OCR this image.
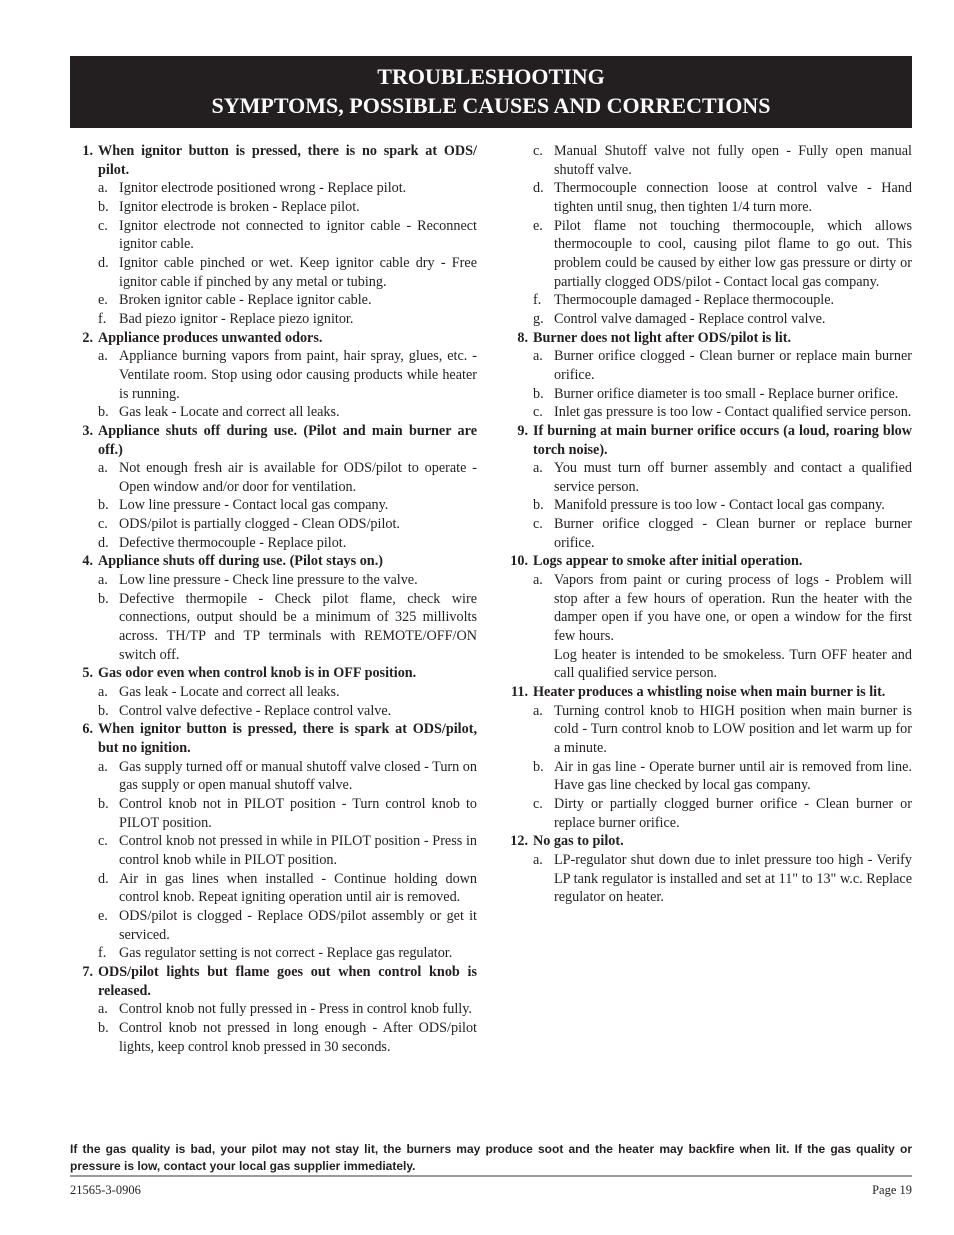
TROUBLESHOOTING
SYMPTOMS, POSSIBLE CAUSES AND CORRECTIONS
1. When ignitor button is pressed, there is no spark at ODS/ pilot.
a. Ignitor electrode positioned wrong - Replace pilot.
b. Ignitor electrode is broken - Replace pilot.
c. Ignitor electrode not connected to ignitor cable - Reconnect ignitor cable.
d. Ignitor cable pinched or wet. Keep ignitor cable dry - Free ignitor cable if pinched by any metal or tubing.
e. Broken ignitor cable - Replace ignitor cable.
f. Bad piezo ignitor - Replace piezo ignitor.
2. Appliance produces unwanted odors.
a. Appliance burning vapors from paint, hair spray, glues, etc. - Ventilate room. Stop using odor causing products while heater is running.
b. Gas leak - Locate and correct all leaks.
3. Appliance shuts off during use. (Pilot and main burner are off.)
a. Not enough fresh air is available for ODS/pilot to operate - Open window and/or door for ventilation.
b. Low line pressure - Contact local gas company.
c. ODS/pilot is partially clogged - Clean ODS/pilot.
d. Defective thermocouple - Replace pilot.
4. Appliance shuts off during use. (Pilot stays on.)
a. Low line pressure - Check line pressure to the valve.
b. Defective thermopile - Check pilot flame, check wire connections, output should be a minimum of 325 millivolts across. TH/TP and TP terminals with REMOTE/OFF/ON switch off.
5. Gas odor even when control knob is in OFF position.
a. Gas leak - Locate and correct all leaks.
b. Control valve defective - Replace control valve.
6. When ignitor button is pressed, there is spark at ODS/pilot, but no ignition.
a. Gas supply turned off or manual shutoff valve closed - Turn on gas supply or open manual shutoff valve.
b. Control knob not in PILOT position - Turn control knob to PILOT position.
c. Control knob not pressed in while in PILOT position - Press in control knob while in PILOT position.
d. Air in gas lines when installed - Continue holding down control knob. Repeat igniting operation until air is removed.
e. ODS/pilot is clogged - Replace ODS/pilot assembly or get it serviced.
f. Gas regulator setting is not correct - Replace gas regulator.
7. ODS/pilot lights but flame goes out when control knob is released.
a. Control knob not fully pressed in - Press in control knob fully.
b. Control knob not pressed in long enough - After ODS/pilot lights, keep control knob pressed in 30 seconds.
c. Manual Shutoff valve not fully open - Fully open manual shutoff valve.
d. Thermocouple connection loose at control valve - Hand tighten until snug, then tighten 1/4 turn more.
e. Pilot flame not touching thermocouple, which allows thermocouple to cool, causing pilot flame to go out. This problem could be caused by either low gas pressure or dirty or partially clogged ODS/pilot - Contact local gas company.
f. Thermocouple damaged - Replace thermocouple.
g. Control valve damaged - Replace control valve.
8. Burner does not light after ODS/pilot is lit.
a. Burner orifice clogged - Clean burner or replace main burner orifice.
b. Burner orifice diameter is too small - Replace burner orifice.
c. Inlet gas pressure is too low - Contact qualified service person.
9. If burning at main burner orifice occurs (a loud, roaring blow torch noise).
a. You must turn off burner assembly and contact a qualified service person.
b. Manifold pressure is too low - Contact local gas company.
c. Burner orifice clogged - Clean burner or replace burner orifice.
10. Logs appear to smoke after initial operation.
a. Vapors from paint or curing process of logs - Problem will stop after a few hours of operation. Run the heater with the damper open if you have one, or open a window for the first few hours.
Log heater is intended to be smokeless. Turn OFF heater and call qualified service person.
11. Heater produces a whistling noise when main burner is lit.
a. Turning control knob to HIGH position when main burner is cold - Turn control knob to LOW position and let warm up for a minute.
b. Air in gas line - Operate burner until air is removed from line. Have gas line checked by local gas company.
c. Dirty or partially clogged burner orifice - Clean burner or replace burner orifice.
12. No gas to pilot.
a. LP-regulator shut down due to inlet pressure too high - Verify LP tank regulator is installed and set at 11" to 13" w.c. Replace regulator on heater.
If the gas quality is bad, your pilot may not stay lit, the burners may produce soot and the heater may backfire when lit. If the gas quality or pressure is low, contact your local gas supplier immediately.
21565-3-0906	Page 19
